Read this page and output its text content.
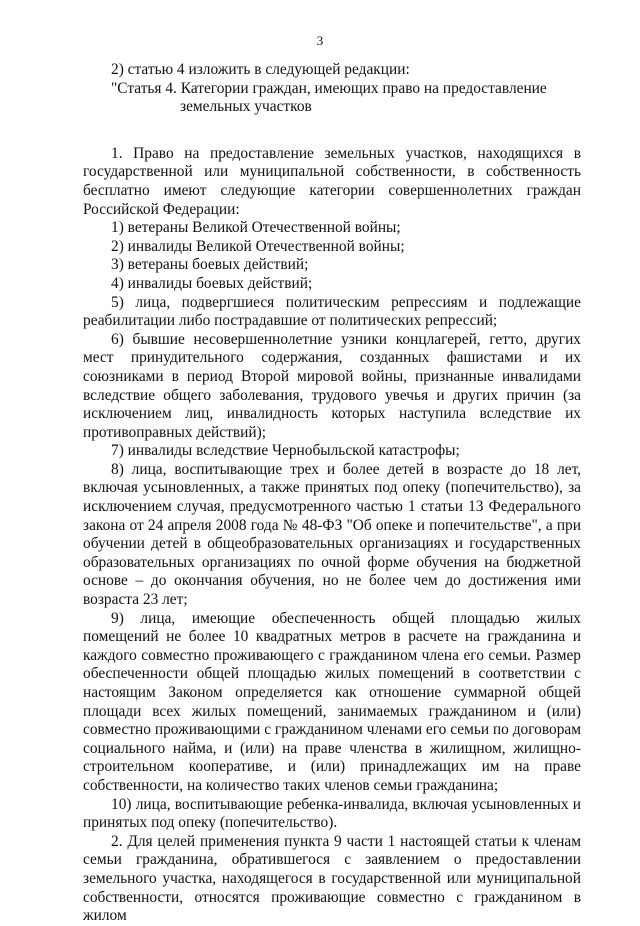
3

2) статью 4 изложить в следующей редакции:

"Статья 4. Категории граждан, имеющих право на предоставление
земельных участков

1. Право на предоставление земельных участков, находящихся в государственной или муниципальной собственности, в собственность бесплатно имеют следующие категории совершеннолетних граждан Российской Федерации:

1) ветераны Великой Отечественной войны;

2) инвалиды Великой Отечественной войны;

3) ветераны боевых действий;

4) инвалиды боевых действий;

5) лица, подвергшиеся политическим репрессиям и подлежащие реабилитации либо пострадавшие от политических репрессий;

6) бывшие несовершеннолетние узники концлагерей, гетто, других мест принудительного содержания, созданных фашистами и их союзниками в период Второй мировой войны, признанные инвалидами вследствие общего заболевания, трудового увечья и других причин (за исключением лиц, инвалидность которых наступила вследствие их противоправных действий);

7) инвалиды вследствие Чернобыльской катастрофы;

8) лица, воспитывающие трех и более детей в возрасте до 18 лет, включая усыновленных, а также принятых под опеку (попечительство), за исключением случая, предусмотренного частью 1 статьи 13 Федерального закона от 24 апреля 2008 года № 48-ФЗ "Об опеке и попечительстве", а при обучении детей в общеобразовательных организациях и государственных образовательных организациях по очной форме обучения на бюджетной основе – до окончания обучения, но не более чем до достижения ими возраста 23 лет;

9) лица, имеющие обеспеченность общей площадью жилых помещений не более 10 квадратных метров в расчете на гражданина и каждого совместно проживающего с гражданином члена его семьи. Размер обеспеченности общей площадью жилых помещений в соответствии с настоящим Законом определяется как отношение суммарной общей площади всех жилых помещений, занимаемых гражданином и (или) совместно проживающими с гражданином членами его семьи по договорам социального найма, и (или) на праве членства в жилищном, жилищно-строительном кооперативе, и (или) принадлежащих им на праве собственности, на количество таких членов семьи гражданина;

10) лица, воспитывающие ребенка-инвалида, включая усыновленных и принятых под опеку (попечительство).

2. Для целей применения пункта 9 части 1 настоящей статьи к членам семьи гражданина, обратившегося с заявлением о предоставлении земельного участка, находящегося в государственной или муниципальной собственности, относятся проживающие совместно с гражданином в жилом
